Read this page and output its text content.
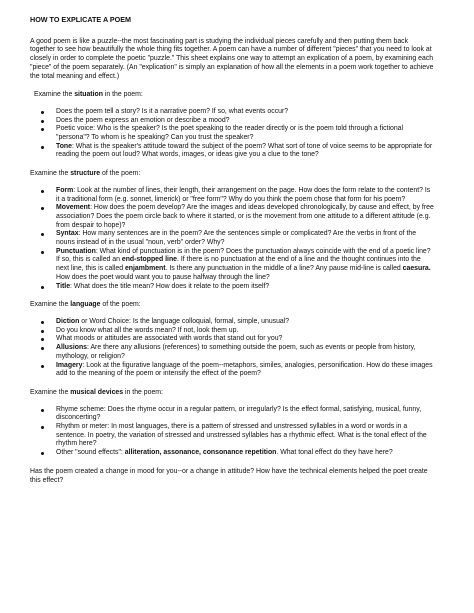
HOW TO EXPLICATE A POEM

A good poem is like a puzzle--the most fascinating part is studying the individual pieces carefully and then putting them back together to see how beautifully the whole thing fits together. A poem can have a number of different "pieces" that you need to look at closely in order to complete the poetic "puzzle." This sheet explains one way to attempt an explication of a poem, by examining each "piece" of the poem separately. (An "explication" is simply an explanation of how all the elements in a poem work together to achieve the total meaning and effect.)

Examine the situation in the poem:

Does the poem tell a story? Is it a narrative poem? If so, what events occur?
Does the poem express an emotion or describe a mood?
Poetic voice: Who is the speaker? Is the poet speaking to the reader directly or is the poem told through a fictional "persona"? To whom is he speaking? Can you trust the speaker?
Tone: What is the speaker's attitude toward the subject of the poem? What sort of tone of voice seems to be appropriate for reading the poem out loud? What words, images, or ideas give you a clue to the tone?

Examine the structure of the poem:

Form: Look at the number of lines, their length, their arrangement on the page. How does the form relate to the content? Is it a traditional form (e.g. sonnet, limerick) or "free form"? Why do you think the poem chose that form for his poem?
Movement: How does the poem develop? Are the images and ideas developed chronologically, by cause and effect, by free association? Does the poem circle back to where it started, or is the movement from one attitude to a different attitude (e.g. from despair to hope)?
Syntax: How many sentences are in the poem? Are the sentences simple or complicated? Are the verbs in front of the nouns instead of in the usual "noun, verb" order? Why?
Punctuation: What kind of punctuation is in the poem? Does the punctuation always coincide with the end of a poetic line? If so, this is called an end-stopped line. If there is no punctuation at the end of a line and the thought continues into the next line, this is called enjambment. Is there any punctuation in the middle of a line? Any pause mid-line is called caesura. How does the poet would want you to pause halfway through the line?
Title: What does the title mean? How does it relate to the poem itself?

Examine the language of the poem:

Diction or Word Choice: Is the language colloquial, formal, simple, unusual?
Do you know what all the words mean? If not, look them up.
What moods or attitudes are associated with words that stand out for you?
Allusions: Are there any allusions (references) to something outside the poem, such as events or people from history, mythology, or religion?
Imagery: Look at the figurative language of the poem--metaphors, similes, analogies, personification. How do these images add to the meaning of the poem or intensify the effect of the poem?

Examine the musical devices in the poem:

Rhyme scheme: Does the rhyme occur in a regular pattern, or irregularly? Is the effect formal, satisfying, musical, funny, disconcerting?
Rhythm or meter: In most languages, there is a pattern of stressed and unstressed syllables in a word or words in a sentence. In poetry, the variation of stressed and unstressed syllables has a rhythmic effect. What is the tonal effect of the rhythm here?
Other "sound effects": alliteration, assonance, consonance repetition. What tonal effect do they have here?

Has the poem created a change in mood for you--or a change in attitude? How have the technical elements helped the poet create this effect?
